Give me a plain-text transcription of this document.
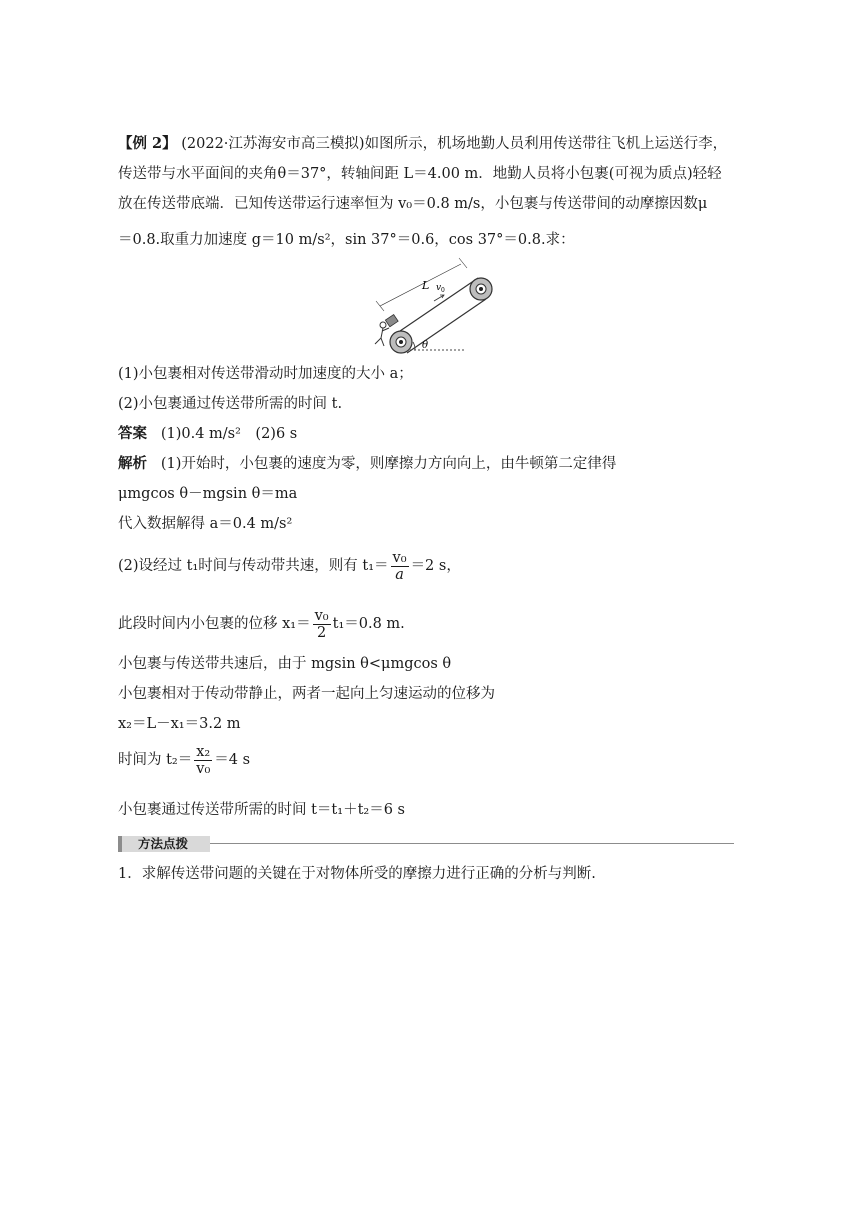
【例 2】 (2022·江苏海安市高三模拟)如图所示，机场地勤人员利用传送带往飞机上运送行李，
传送带与水平面间的夹角θ＝37°，转轴间距 L＝4.00 m．地勤人员将小包裹(可视为质点)轻轻
放在传送带底端．已知传送带运行速率恒为 v₀＝0.8 m/s，小包裹与传送带间的动摩擦因数μ
＝0.8.取重力加速度 g＝10 m/s²，sin 37°＝0.6，cos 37°＝0.8.求：
L v 0
θ
(1)小包裹相对传送带滑动时加速度的大小 a；
(2)小包裹通过传送带所需的时间 t.
答案 (1)0.4 m/s²　(2)6 s
解析 (1)开始时，小包裹的速度为零，则摩擦力方向向上，由牛顿第二定律得
μmgcos θ－mgsin θ＝ma
代入数据解得 a＝0.4 m/s²
(2)设经过 t₁时间与传动带共速，则有 $t_1= \frac{\text{v₀}}{a} =2$ s，
此段时间内小包裹的位移 $x_1= \frac{\text{v₀}}{2} t_1=0.8$ m.
小包裹与传送带共速后，由于 mgsin θ<μmgcos θ
小包裹相对于传动带静止，两者一起向上匀速运动的位移为
x₂＝L－x₁＝3.2 m
时间为 $t_2= \frac{\text{x₂}}{\text{v₀}} =4$ s
小包裹通过传送带所需的时间 t＝t₁＋t₂＝6 s
方法点拨
1．求解传送带问题的关键在于对物体所受的摩擦力进行正确的分析与判断.
